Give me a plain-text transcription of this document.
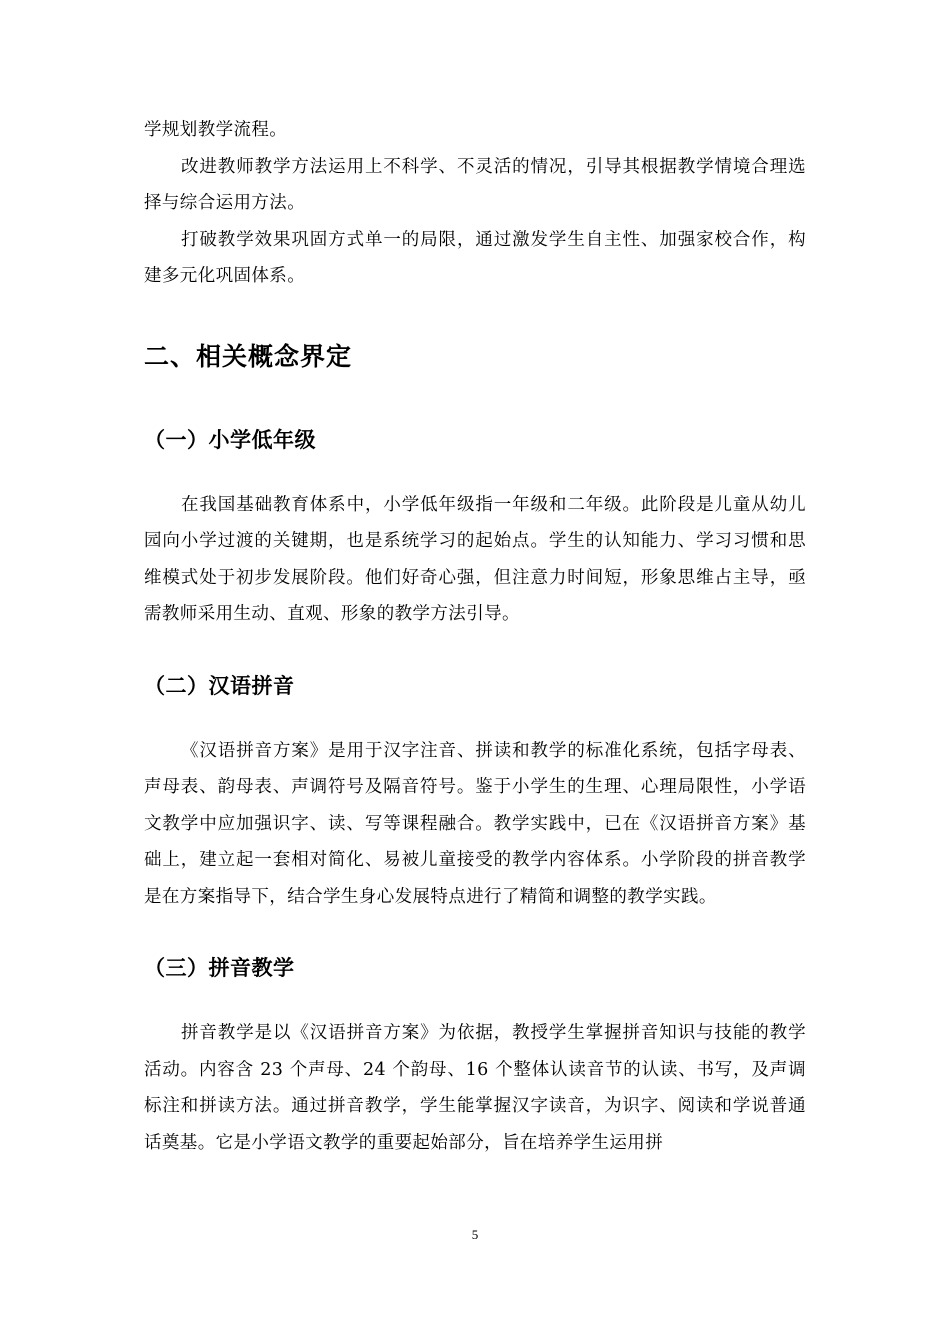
学规划教学流程。

改进教师教学方法运用上不科学、不灵活的情况，引导其根据教学情境合理选择与综合运用方法。

打破教学效果巩固方式单一的局限，通过激发学生自主性、加强家校合作，构建多元化巩固体系。

二、相关概念界定
（一）小学低年级

在我国基础教育体系中，小学低年级指一年级和二年级。此阶段是儿童从幼儿园向小学过渡的关键期，也是系统学习的起始点。学生的认知能力、学习习惯和思维模式处于初步发展阶段。他们好奇心强，但注意力时间短，形象思维占主导，亟需教师采用生动、直观、形象的教学方法引导。

（二）汉语拼音

《汉语拼音方案》是用于汉字注音、拼读和教学的标准化系统，包括字母表、声母表、韵母表、声调符号及隔音符号。鉴于小学生的生理、心理局限性，小学语文教学中应加强识字、读、写等课程融合。教学实践中，已在《汉语拼音方案》基础上，建立起一套相对简化、易被儿童接受的教学内容体系。小学阶段的拼音教学是在方案指导下，结合学生身心发展特点进行了精简和调整的教学实践。

（三）拼音教学

拼音教学是以《汉语拼音方案》为依据，教授学生掌握拼音知识与技能的教学活动。内容含 23 个声母、24 个韵母、16 个整体认读音节的认读、书写，及声调标注和拼读方法。通过拼音教学，学生能掌握汉字读音，为识字、阅读和学说普通话奠基。它是小学语文教学的重要起始部分，旨在培养学生运用拼

5
